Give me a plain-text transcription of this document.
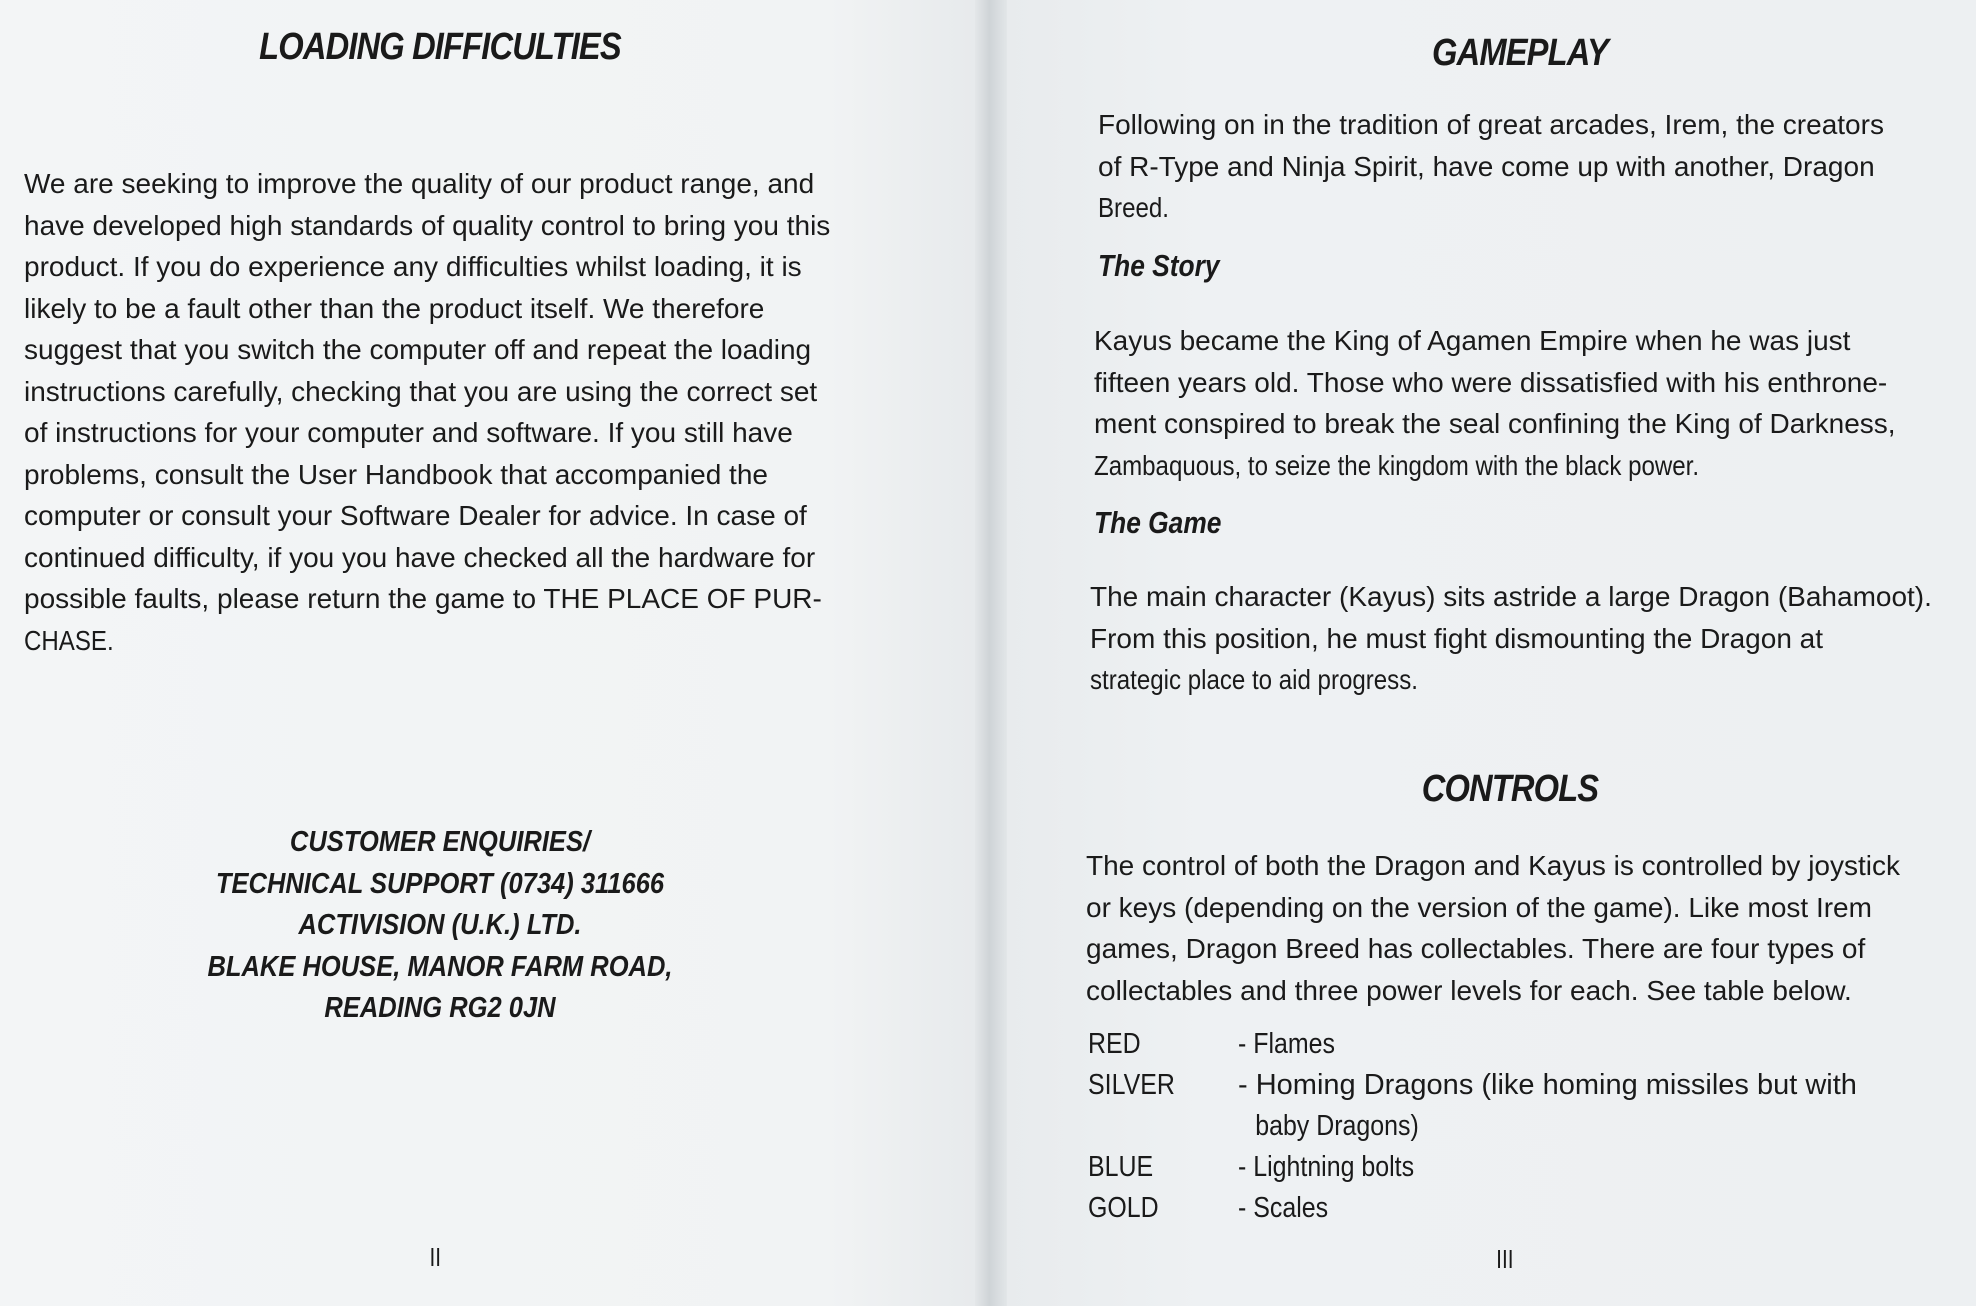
LOADING DIFFICULTIES
We are seeking to improve the quality of our product range, and
have developed high standards of quality control to bring you this
product. If you do experience any difficulties whilst loading, it is
likely to be a fault other than the product itself. We therefore
suggest that you switch the computer off and repeat the loading
instructions carefully, checking that you are using the correct set
of instructions for your computer and software. If you still have
problems, consult the User Handbook that accompanied the
computer or consult your Software Dealer for advice. In case of
continued difficulty, if you you have checked all the hardware for
possible faults, please return the game to THE PLACE OF PUR-
CHASE.
CUSTOMER ENQUIRIES/
TECHNICAL SUPPORT (0734) 311666
ACTIVISION (U.K.) LTD.
BLAKE HOUSE, MANOR FARM ROAD,
READING RG2 0JN

II

GAMEPLAY
Following on in the tradition of great arcades, Irem, the creators
of R-Type and Ninja Spirit, have come up with another, Dragon
Breed.
The Story
Kayus became the King of Agamen Empire when he was just
fifteen years old. Those who were dissatisfied with his enthrone-
ment conspired to break the seal confining the King of Darkness,
Zambaquous, to seize the kingdom with the black power.
The Game
The main character (Kayus) sits astride a large Dragon (Bahamoot).
From this position, he must fight dismounting the Dragon at
strategic place to aid progress.
CONTROLS
The control of both the Dragon and Kayus is controlled by joystick
or keys (depending on the version of the game). Like most Irem
games, Dragon Breed has collectables. There are four types of
collectables and three power levels for each. See table below.
RED	- Flames
SILVER	- Homing Dragons (like homing missiles but with
baby Dragons)
BLUE	- Lightning bolts
GOLD	- Scales

III
